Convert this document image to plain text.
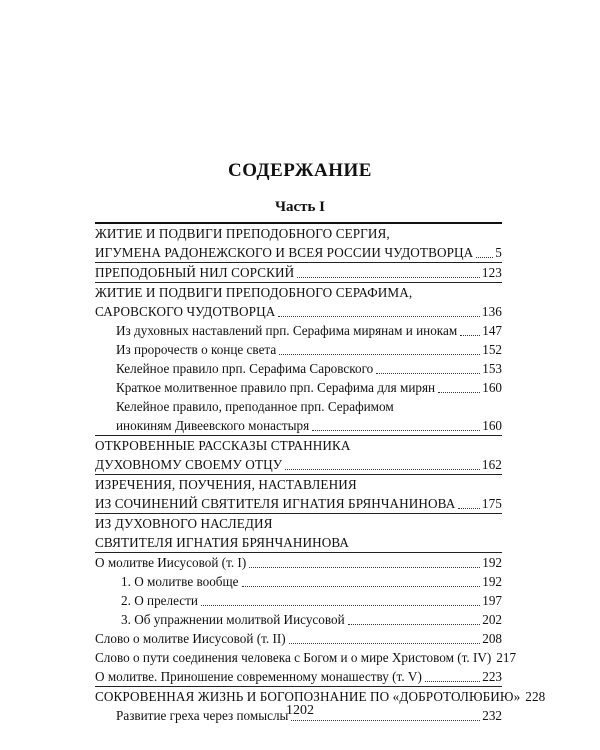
СОДЕРЖАНИЕ
Часть I
ЖИТИЕ И ПОДВИГИ ПРЕПОДОБНОГО СЕРГИЯ,
ИГУМЕНА РАДОНЕЖСКОГО И ВСЕЯ РОССИИ ЧУДОТВОРЦА 5
ПРЕПОДОБНЫЙ НИЛ СОРСКИЙ	123
ЖИТИЕ И ПОДВИГИ ПРЕПОДОБНОГО СЕРАФИМА,
САРОВСКОГО ЧУДОТВОРЦА	136
Из духовных наставлений прп. Серафима мирянам и инокам 147
Из пророчеств о конце света	152
Келейное правило прп. Серафима Саровского	153
Краткое молитвенное правило прп. Серафима для мирян	160
Келейное правило, преподанное прп. Серафимом
инокиням Дивеевского монастыря	160
ОТКРОВЕННЫЕ РАССКАЗЫ СТРАННИКА
ДУХОВНОМУ СВОЕМУ ОТЦУ	162
ИЗРЕЧЕНИЯ, ПОУЧЕНИЯ, НАСТАВЛЕНИЯ
ИЗ СОЧИНЕНИЙ СВЯТИТЕЛЯ ИГНАТИЯ БРЯНЧАНИНОВА 175
ИЗ ДУХОВНОГО НАСЛЕДИЯ
СВЯТИТЕЛЯ ИГНАТИЯ БРЯНЧАНИНОВА
О молитве Иисусовой (т. I)	192
1. О молитве вообще	192
2. О прелести	197
3. Об упражнении молитвой Иисусовой	202
Слово о молитве Иисусовой (т. II)	208
Слово о пути соединения человека с Богом и о мире Христовом (т. IV) 217
О молитве. Приношение современному монашеству (т. V)	223
СОКРОВЕННАЯ ЖИЗНЬ И БОГОПОЗНАНИЕ ПО «ДОБРОТОЛЮБИЮ» 228
Развитие греха через помыслы	232
1202
